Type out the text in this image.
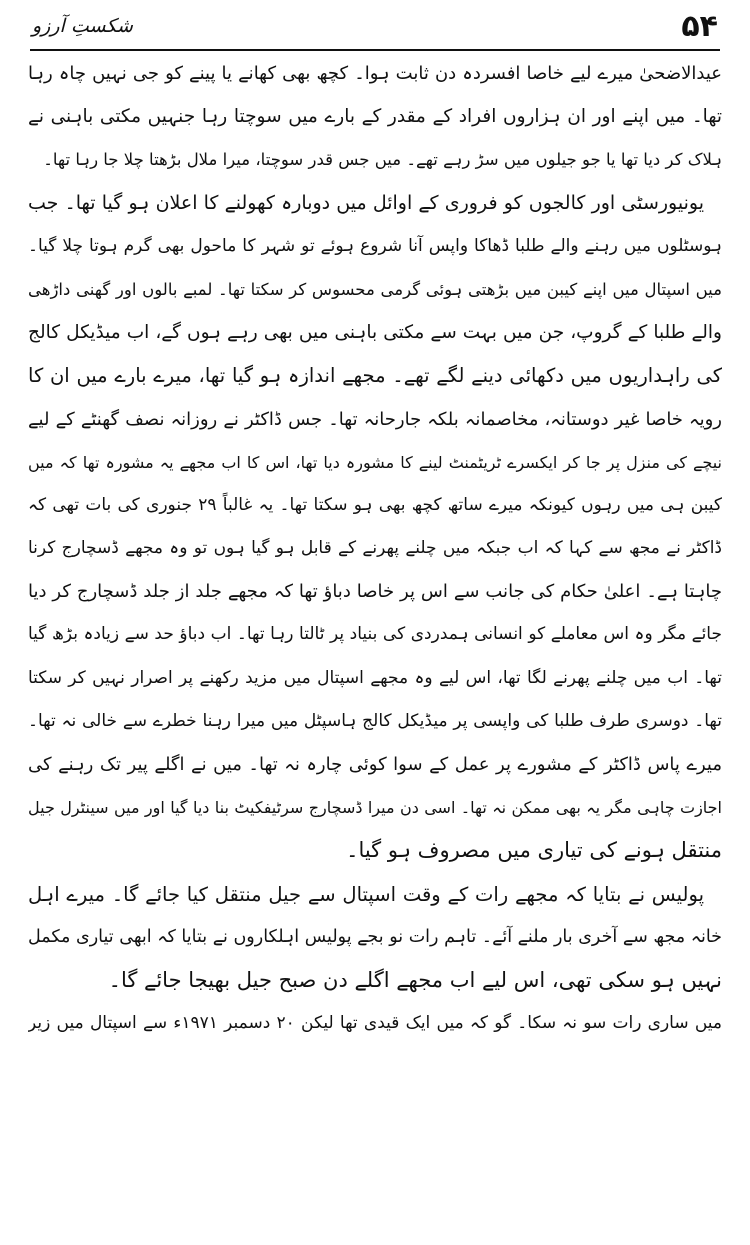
۵۴
شکستِ آرزو
عیدالاضحیٰ میرے لیے خاصا افسردہ دن ثابت ہوا۔ کچھ بھی کھانے یا پینے کو جی نہیں چاہ رہا
تھا۔ میں اپنے اور ان ہزاروں افراد کے مقدر کے بارے میں سوچتا رہا جنہیں مکتی باہنی نے
ہلاک کر دیا تھا یا جو جیلوں میں سڑ رہے تھے۔ میں جس قدر سوچتا، میرا ملال بڑھتا چلا جا رہا تھا۔
یونیورسٹی اور کالجوں کو فروری کے اوائل میں دوبارہ کھولنے کا اعلان ہو گیا تھا۔ جب
ہوسٹلوں میں رہنے والے طلبا ڈھاکا واپس آنا شروع ہوئے تو شہر کا ماحول بھی گرم ہوتا چلا گیا۔
میں اسپتال میں اپنے کیبن میں بڑھتی ہوئی گرمی محسوس کر سکتا تھا۔ لمبے بالوں اور گھنی داڑھی
والے طلبا کے گروپ، جن میں بہت سے مکتی باہنی میں بھی رہے ہوں گے، اب میڈیکل کالج
کی راہداریوں میں دکھائی دینے لگے تھے۔ مجھے اندازہ ہو گیا تھا، میرے بارے میں ان کا
رویہ خاصا غیر دوستانہ، مخاصمانہ بلکہ جارحانہ تھا۔ جس ڈاکٹر نے روزانہ نصف گھنٹے کے لیے
نیچے کی منزل پر جا کر ایکسرے ٹریٹمنٹ لینے کا مشورہ دیا تھا، اس کا اب مجھے یہ مشورہ تھا کہ میں
کیبن ہی میں رہوں کیونکہ میرے ساتھ کچھ بھی ہو سکتا تھا۔ یہ غالباً ۲۹ جنوری کی بات تھی کہ
ڈاکٹر نے مجھ سے کہا کہ اب جبکہ میں چلنے پھرنے کے قابل ہو گیا ہوں تو وہ مجھے ڈسچارج کرنا
چاہتا ہے۔ اعلیٰ حکام کی جانب سے اس پر خاصا دباؤ تھا کہ مجھے جلد از جلد ڈسچارج کر دیا
جائے مگر وہ اس معاملے کو انسانی ہمدردی کی بنیاد پر ٹالتا رہا تھا۔ اب دباؤ حد سے زیادہ بڑھ گیا
تھا۔ اب میں چلنے پھرنے لگا تھا، اس لیے وہ مجھے اسپتال میں مزید رکھنے پر اصرار نہیں کر سکتا
تھا۔ دوسری طرف طلبا کی واپسی پر میڈیکل کالج ہاسپٹل میں میرا رہنا خطرے سے خالی نہ تھا۔
میرے پاس ڈاکٹر کے مشورے پر عمل کے سوا کوئی چارہ نہ تھا۔ میں نے اگلے پیر تک رہنے کی
اجازت چاہی مگر یہ بھی ممکن نہ تھا۔ اسی دن میرا ڈسچارج سرٹیفکیٹ بنا دیا گیا اور میں سینٹرل جیل
منتقل ہونے کی تیاری میں مصروف ہو گیا۔
پولیس نے بتایا کہ مجھے رات کے وقت اسپتال سے جیل منتقل کیا جائے گا۔ میرے اہل
خانہ مجھ سے آخری بار ملنے آئے۔ تاہم رات نو بجے پولیس اہلکاروں نے بتایا کہ ابھی تیاری مکمل
نہیں ہو سکی تھی، اس لیے اب مجھے اگلے دن صبح جیل بھیجا جائے گا۔
میں ساری رات سو نہ سکا۔ گو کہ میں ایک قیدی تھا لیکن ۲۰ دسمبر ۱۹۷۱ء سے اسپتال میں زیر
